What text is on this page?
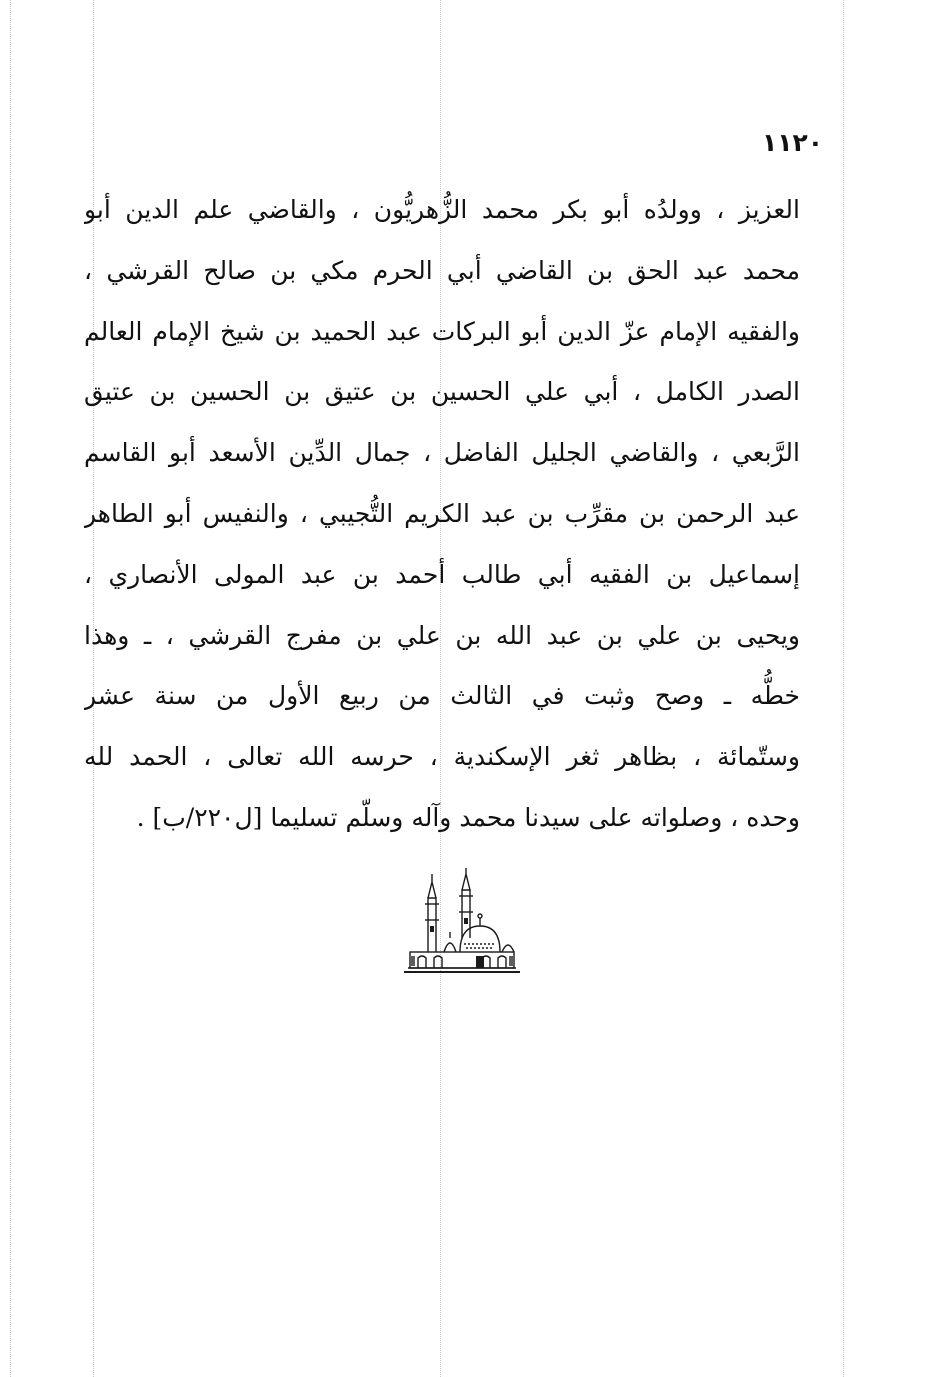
١١٢٠
العزيز ، وولدُه أبو بكر محمد الزُّهريُّون ، والقاضي علم الدين أبو
محمد عبد الحق بن القاضي أبي الحرم مكي بن صالح القرشي ،
والفقيه الإمام عزّ الدين أبو البركات عبد الحميد بن شيخ الإمام العالم
الصدر الكامل ، أبي علي الحسين بن عتيق بن الحسين بن عتيق
الرَّبعي ، والقاضي الجليل الفاضل ، جمال الدِّين الأسعد أبو القاسم
عبد الرحمن بن مقرِّب بن عبد الكريم التُّجيبي ، والنفيس أبو الطاهر
إسماعيل بن الفقيه أبي طالب أحمد بن عبد المولى الأنصاري ،
ويحيى بن علي بن عبد الله بن علي بن مفرج القرشي ، ـ وهذا
خطُّه ـ وصح وثبت في الثالث من ربيع الأول من سنة عشر
وستّمائة ، بظاهر ثغر الإسكندية ، حرسه الله تعالى ، الحمد لله
وحده ، وصلواته على سيدنا محمد وآله وسلّم تسليما [ل٢٢٠/ب] .
